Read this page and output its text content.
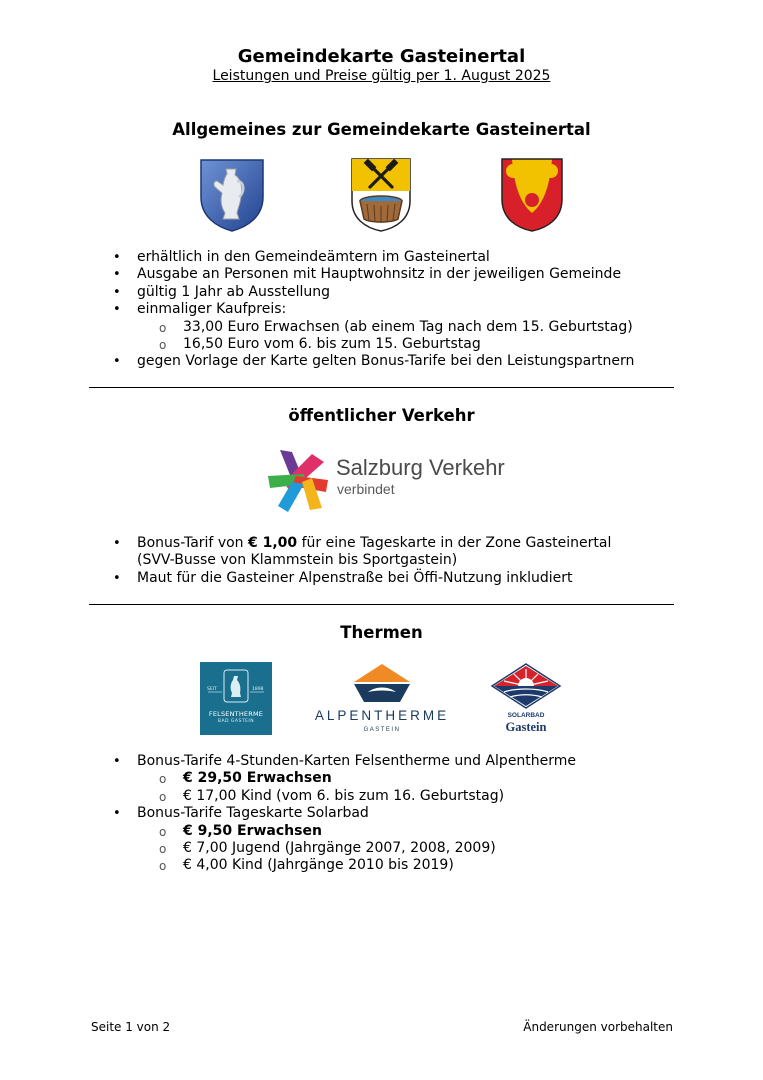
Gemeindekarte Gasteinertal
Leistungen und Preise gültig per 1. August 2025
Allgemeines zur Gemeindekarte Gasteinertal
• erhältlich in den Gemeindeämtern im Gasteinertal
• Ausgabe an Personen mit Hauptwohnsitz in der jeweiligen Gemeinde
• gültig 1 Jahr ab Ausstellung
• einmaliger Kaufpreis:
o 33,00 Euro Erwachsen (ab einem Tag nach dem 15. Geburtstag)
o 16,50 Euro vom 6. bis zum 15. Geburtstag
• gegen Vorlage der Karte gelten Bonus-Tarife bei den Leistungspartnern
öffentlicher Verkehr
Salzburg Verkehr
verbindet
• Bonus-Tarif von € 1,00 für eine Tageskarte in der Zone Gasteinertal
(SVV-Busse von Klammstein bis Sportgastein)
• Maut für die Gasteiner Alpenstraße bei Öffi-Nutzung inkludiert
Thermen
SEIT	1898
FELSENTHERME
BAD GASTEIN	ALPENTHERME
GASTEIN
SOLARBAD
Gastein
• Bonus-Tarife 4-Stunden-Karten Felsentherme und Alpentherme
o € 29,50 Erwachsen
o € 17,00 Kind (vom 6. bis zum 16. Geburtstag)
• Bonus-Tarife Tageskarte Solarbad
o € 9,50 Erwachsen
o € 7,00 Jugend (Jahrgänge 2007, 2008, 2009)
o € 4,00 Kind (Jahrgänge 2010 bis 2019)
Seite 1 von 2	Änderungen vorbehalten
